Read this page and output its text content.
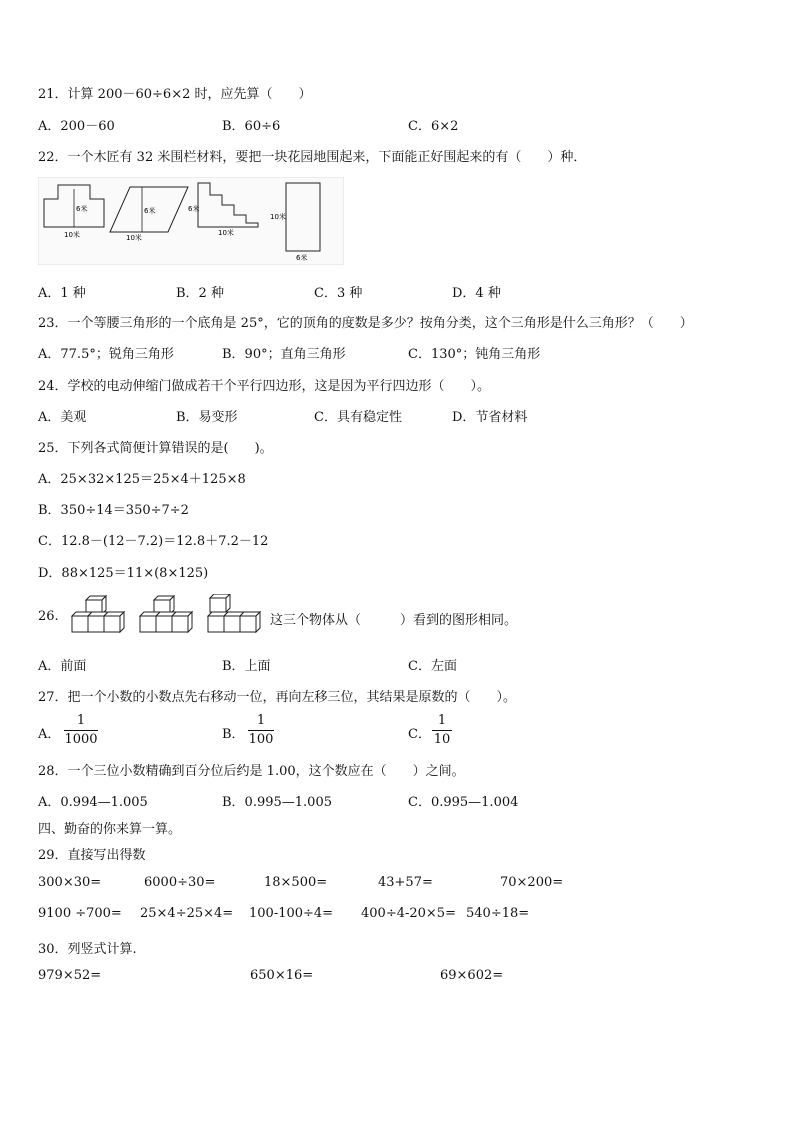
21．计算 200－60÷6×2 时，应先算（　　）
A．200－60	B．60÷6	C．6×2
22．一个木匠有 32 米围栏材料，要把一块花园地围起来，下面能正好围起来的有（　　）种．
6米
10米
6米
10米
6米
10米
10米
6米
A．1 种	B．2 种	C．3 种	D．4 种
23．一个等腰三角形的一个底角是 25°，它的顶角的度数是多少？按角分类，这个三角形是什么三角形？（　　）
A．77.5°；锐角三角形	B．90°；直角三角形	C．130°；钝角三角形
24．学校的电动伸缩门做成若干个平行四边形，这是因为平行四边形（　　）。
A．美观	B．易变形	C．具有稳定性	D．节省材料
25．下列各式简便计算错误的是(　　)。
A．25×32×125＝25×4＋125×8
B．350÷14＝350÷7÷2
C．12.8－(12－7.2)＝12.8＋7.2－12
D．88×125＝11×(8×125)
26.	这三个物体从（　　　）看到的图形相同。
A．前面	B．上面	C．左面
27．把一个小数的小数点先右移动一位，再向左移三位，其结果是原数的（　　）。
A．
1
1000	B．
1
100	C．
1
10
28．一个三位小数精确到百分位后约是 1.00，这个数应在（　　）之间。
A．0.994—1.005	B．0.995—1.005	C．0.995—1.004
四、勤奋的你来算一算。
29．直接写出得数
300×30=	6000÷30=	18×500=	43+57=	70×200=
9100 ÷700= 25×4÷25×4= 100-100÷4= 400÷4-20×5= 540÷18=
30．列竖式计算.
979×52=	650×16=	69×602=
